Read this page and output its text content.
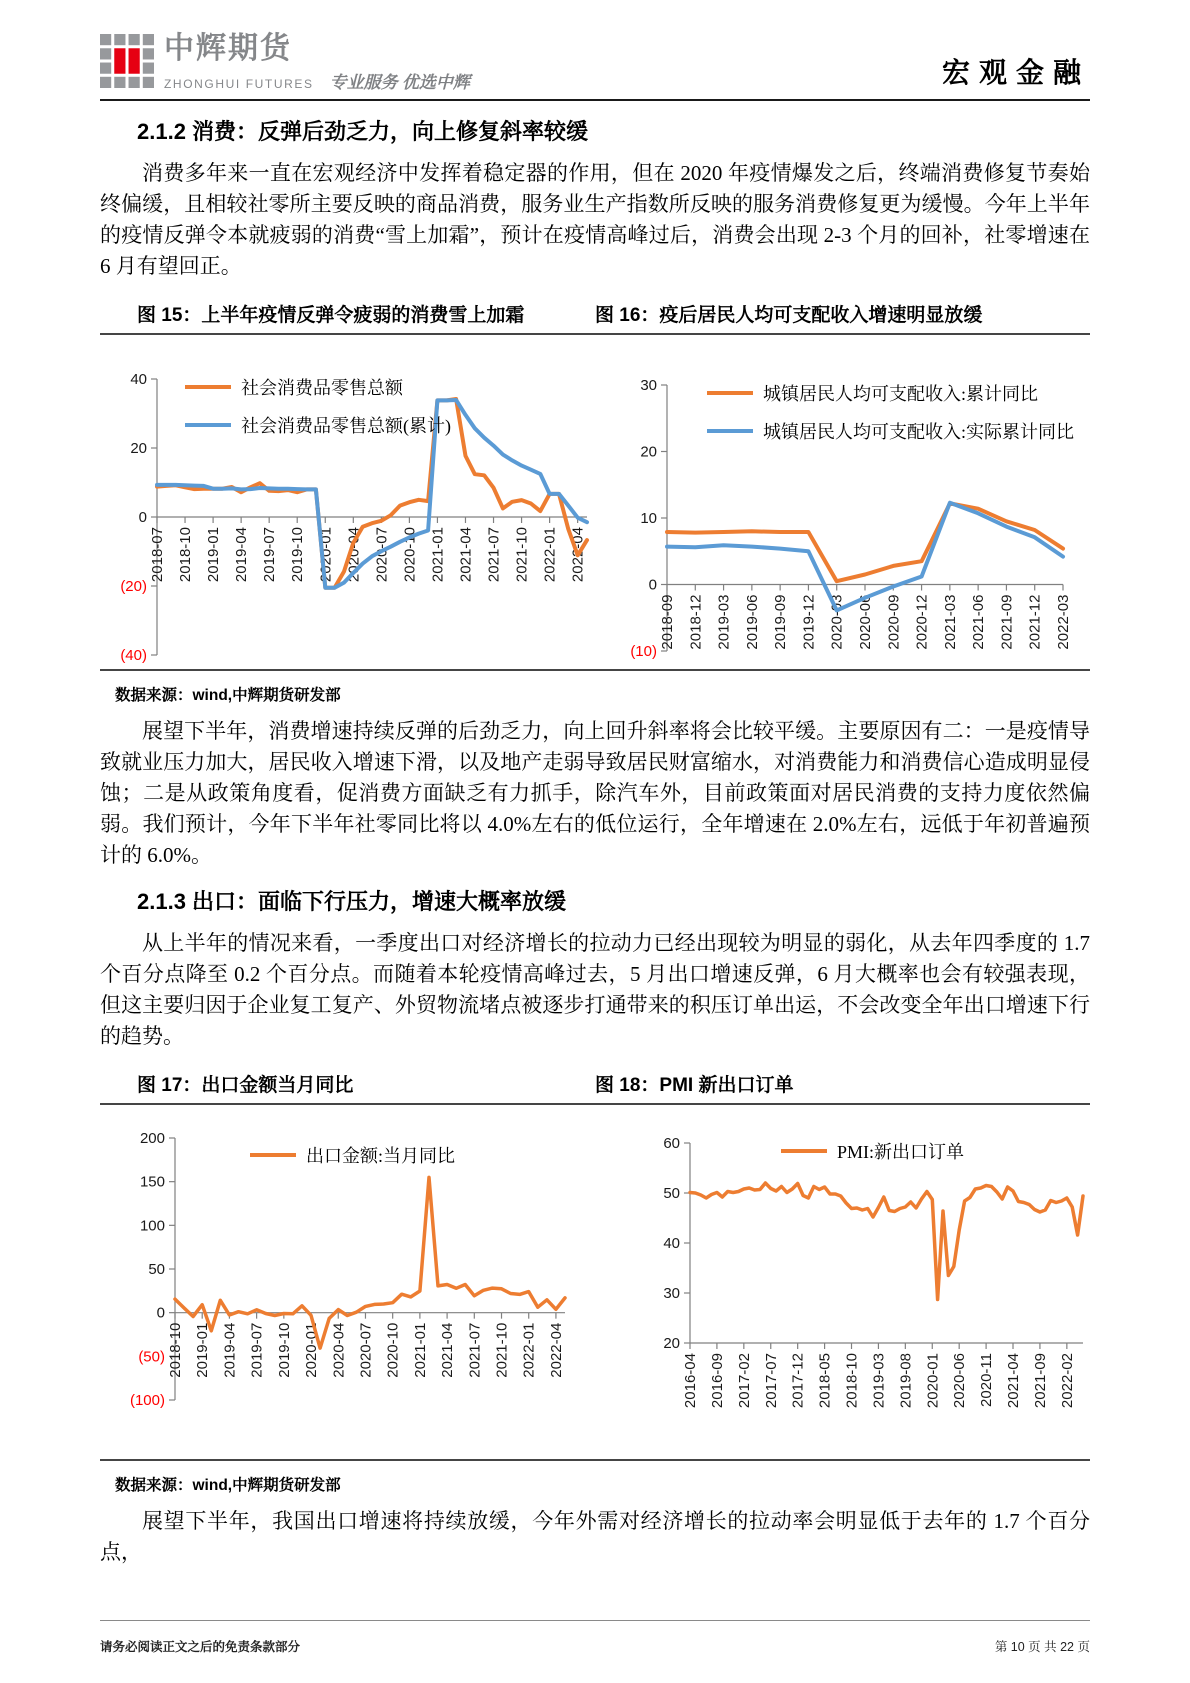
中辉期货
ZHONGHUI FUTURES 专业服务 优选中辉	宏观金融
2.1.2 消费：反弹后劲乏力，向上修复斜率较缓

消费多年来一直在宏观经济中发挥着稳定器的作用，但在 2020 年疫情爆发之后，终端消费修复节奏始终偏缓，且相较社零所主要反映的商品消费，服务业生产指数所反映的服务消费修复更为缓慢。今年上半年的疫情反弹令本就疲弱的消费“雪上加霜”，预计在疫情高峰过后，消费会出现 2-3 个月的回补，社零增速在 6 月有望回正。

图 15：上半年疫情反弹令疲弱的消费雪上加霜	图 16：疫后居民人均可支配收入增速明显放缓
40
20
0
(20)
(40)
2018-07 2018-10 2019-01 2019-04 2019-07 2019-10 2020-01 2020-04 2020-07 2020-10 2021-01 2021-04 2021-07 2021-10 2022-01 2022-04
社会消费品零售总额
社会消费品零售总额(累计)
30
20
10
0
(10)
2018-09 2018-12 2019-03 2019-06 2019-09 2019-12 2020-03 2020-06 2020-09 2020-12 2021-03 2021-06 2021-09 2021-12 2022-03
城镇居民人均可支配收入:累计同比
城镇居民人均可支配收入:实际累计同比
数据来源：wind,中辉期货研发部

展望下半年，消费增速持续反弹的后劲乏力，向上回升斜率将会比较平缓。主要原因有二：一是疫情导致就业压力加大，居民收入增速下滑，以及地产走弱导致居民财富缩水，对消费能力和消费信心造成明显侵蚀；二是从政策角度看，促消费方面缺乏有力抓手，除汽车外，目前政策面对居民消费的支持力度依然偏弱。我们预计，今年下半年社零同比将以 4.0%左右的低位运行，全年增速在 2.0%左右，远低于年初普遍预计的 6.0%。

2.1.3 出口：面临下行压力，增速大概率放缓

从上半年的情况来看，一季度出口对经济增长的拉动力已经出现较为明显的弱化，从去年四季度的 1.7 个百分点降至 0.2 个百分点。而随着本轮疫情高峰过去，5 月出口增速反弹，6 月大概率也会有较强表现，但这主要归因于企业复工复产、外贸物流堵点被逐步打通带来的积压订单出运，不会改变全年出口增速下行的趋势。

图 17：出口金额当月同比	图 18：PMI 新出口订单
200
150
100
50
0
(50)
(100)
2018-10 2019-01 2019-04 2019-07 2019-10 2020-01 2020-04 2020-07 2020-10 2021-01 2021-04 2021-07 2021-10 2022-01 2022-04
出口金额:当月同比
60
50
40
30
20
2016-04 2016-09 2017-02 2017-07 2017-12 2018-05 2018-10 2019-03 2019-08 2020-01 2020-06 2020-11 2021-04 2021-09 2022-02
PMI:新出口订单
数据来源：wind,中辉期货研发部

展望下半年，我国出口增速将持续放缓，今年外需对经济增长的拉动率会明显低于去年的 1.7 个百分点，

请务必阅读正文之后的免责条款部分	第 10 页 共 22 页
